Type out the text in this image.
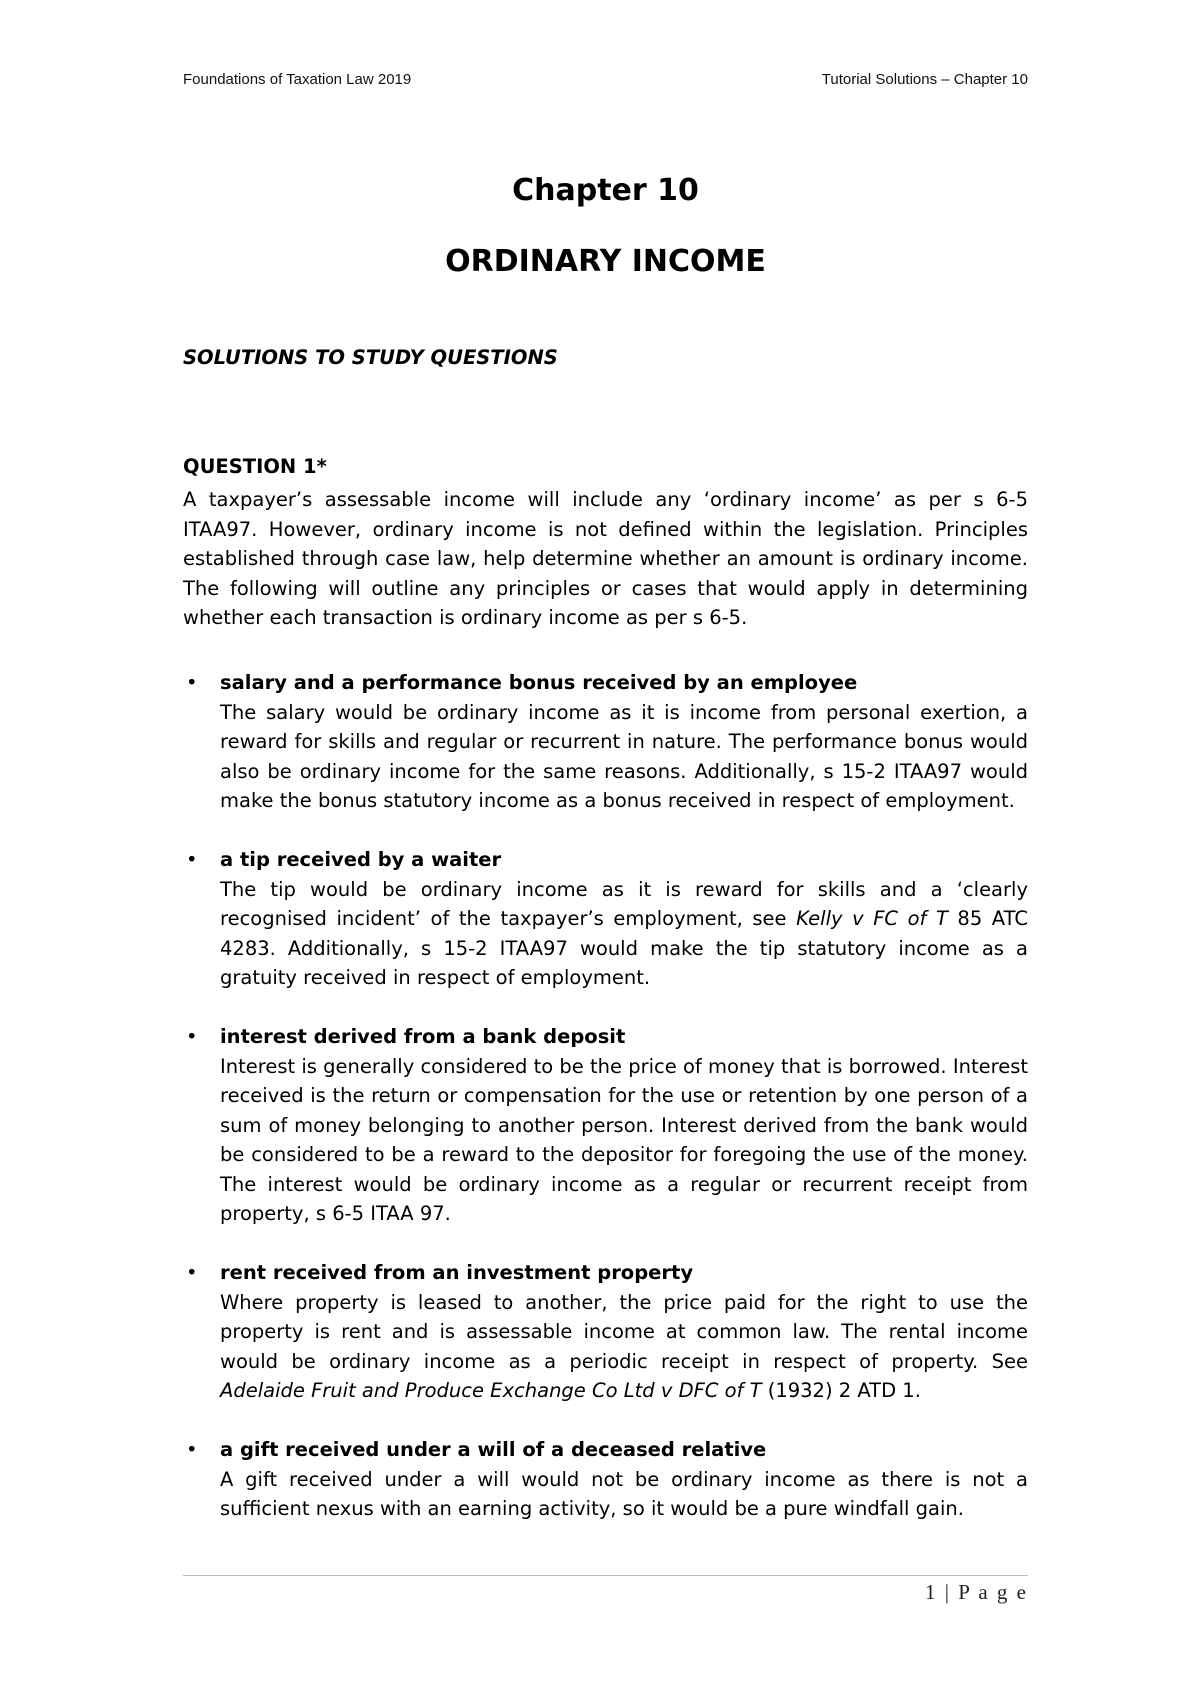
Foundations of Taxation Law 2019	Tutorial Solutions – Chapter 10
Chapter 10
ORDINARY INCOME
SOLUTIONS TO STUDY QUESTIONS
QUESTION 1*

A taxpayer’s assessable income will include any ‘ordinary income’ as per s 6-5 ITAA97. However, ordinary income is not defined within the legislation. Principles established through case law, help determine whether an amount is ordinary income. The following will outline any principles or cases that would apply in determining whether each transaction is ordinary income as per s 6-5.

• salary and a performance bonus received by an employee
The salary would be ordinary income as it is income from personal exertion, a reward for skills and regular or recurrent in nature. The performance bonus would also be ordinary income for the same reasons. Additionally, s 15-2 ITAA97 would make the bonus statutory income as a bonus received in respect of employment.
• a tip received by a waiter
The tip would be ordinary income as it is reward for skills and a ‘clearly recognised incident’ of the taxpayer’s employment, see Kelly v FC of T 85 ATC 4283. Additionally, s 15-2 ITAA97 would make the tip statutory income as a gratuity received in respect of employment.
• interest derived from a bank deposit
Interest is generally considered to be the price of money that is borrowed. Interest received is the return or compensation for the use or retention by one person of a sum of money belonging to another person. Interest derived from the bank would be considered to be a reward to the depositor for foregoing the use of the money. The interest would be ordinary income as a regular or recurrent receipt from property, s 6-5 ITAA 97.
• rent received from an investment property
Where property is leased to another, the price paid for the right to use the property is rent and is assessable income at common law. The rental income would be ordinary income as a periodic receipt in respect of property. See Adelaide Fruit and Produce Exchange Co Ltd v DFC of T (1932) 2 ATD 1.
• a gift received under a will of a deceased relative
A gift received under a will would not be ordinary income as there is not a sufficient nexus with an earning activity, so it would be a pure windfall gain.
1 | P a g e
